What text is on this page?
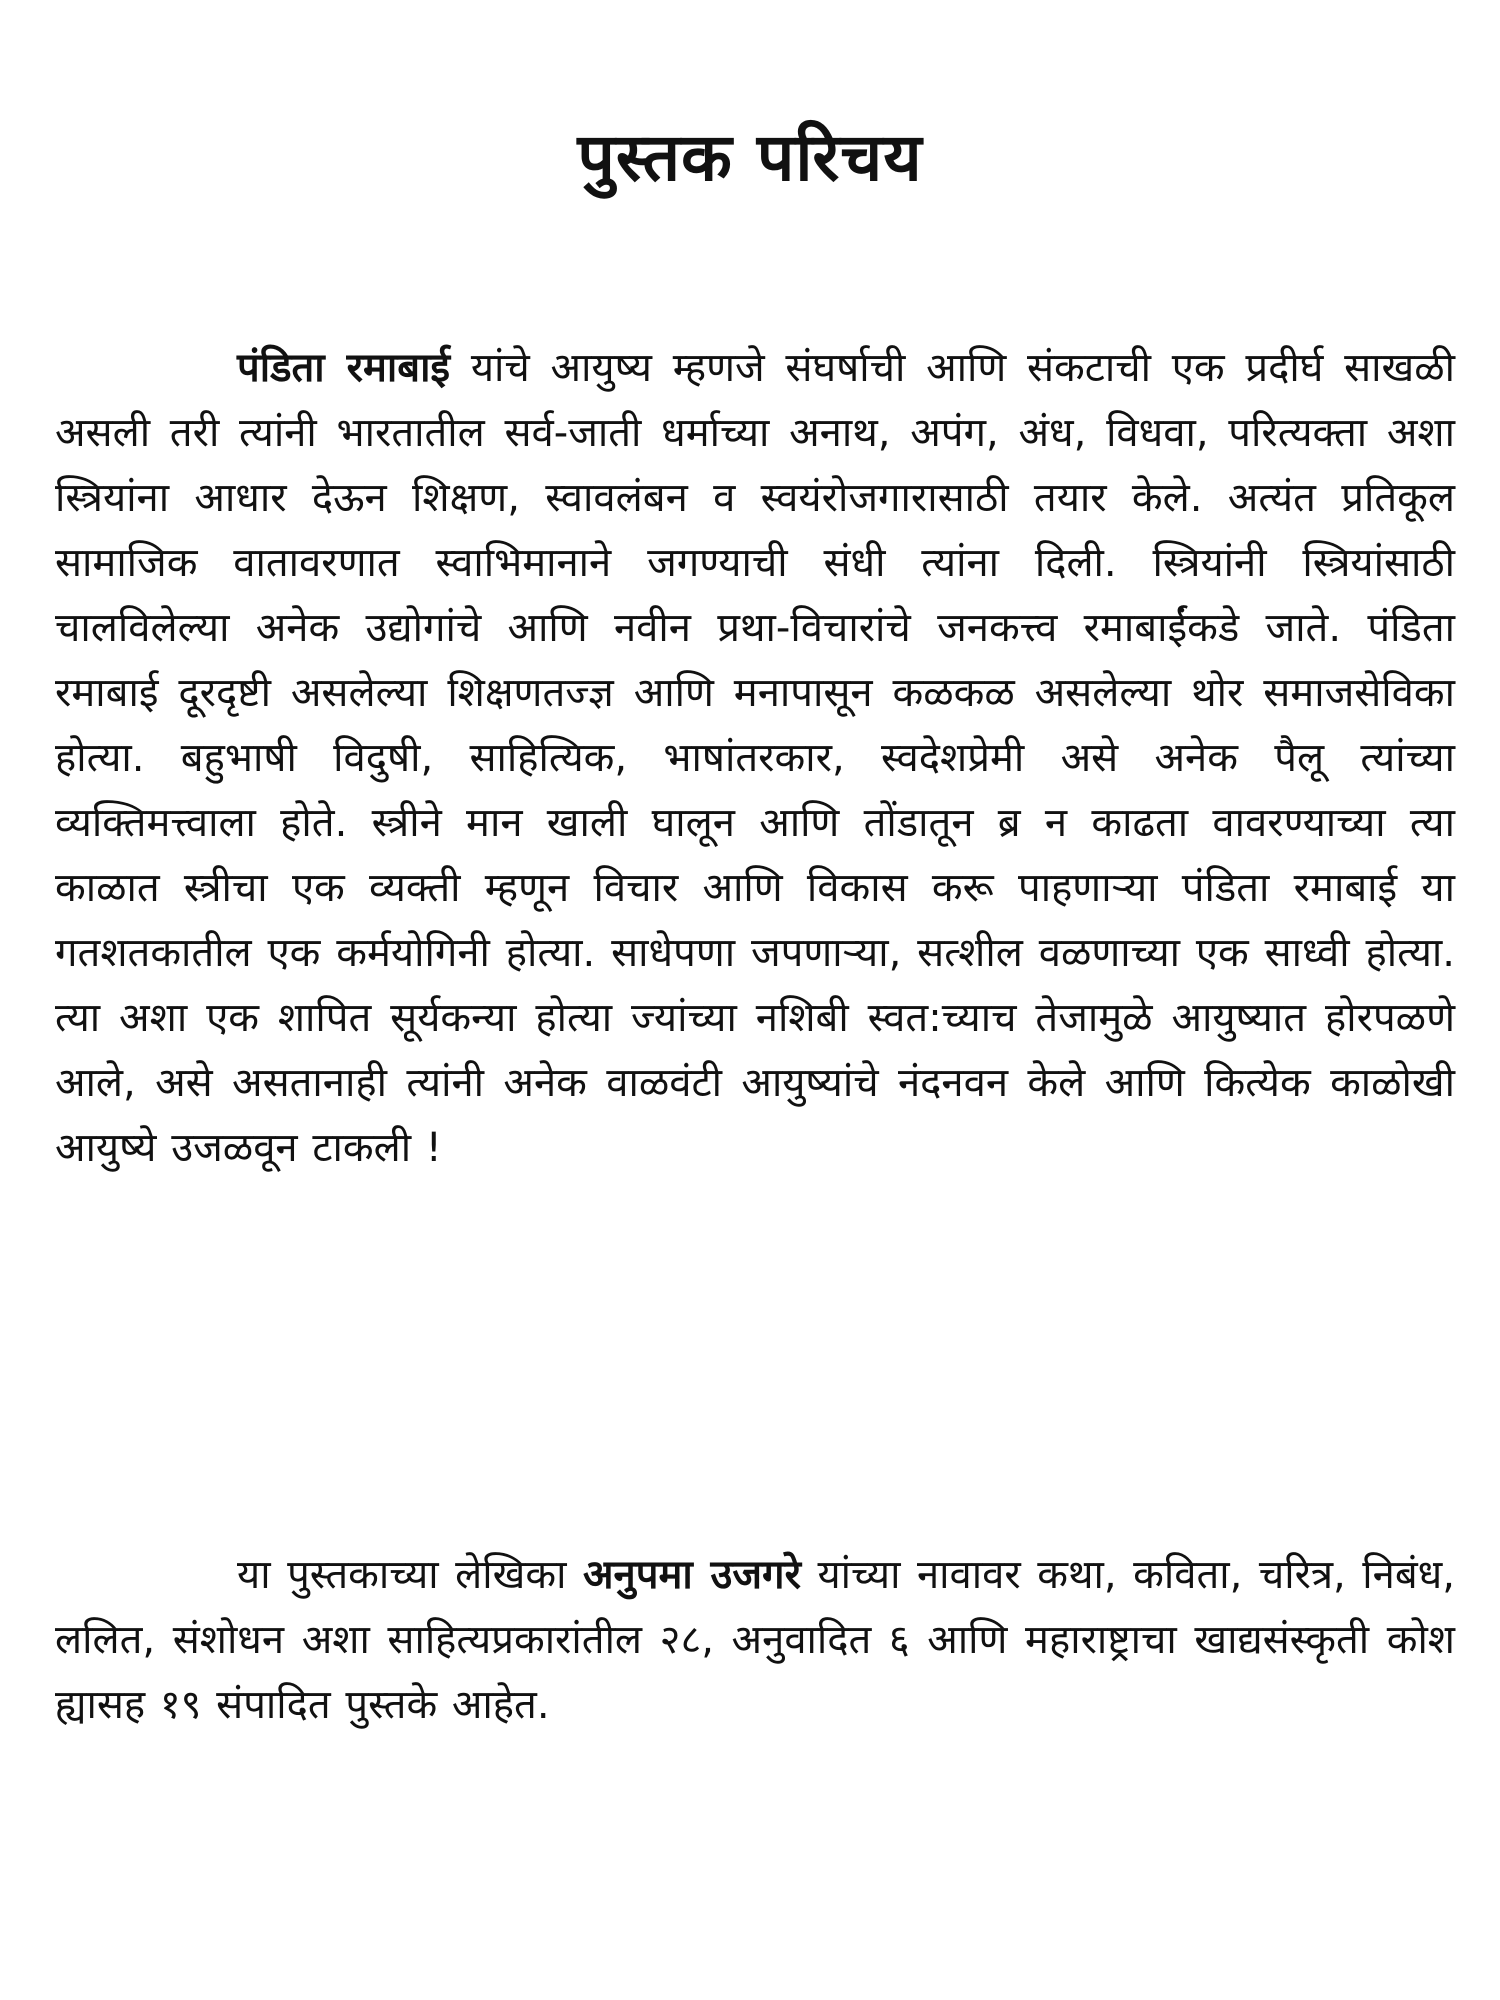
पुस्तक परिचय

पंडिता रमाबाई यांचे आयुष्य म्हणजे संघर्षाची आणि संकटाची एक प्रदीर्घ साखळी असली तरी त्यांनी भारतातील सर्व-जाती धर्माच्या अनाथ, अपंग, अंध, विधवा, परित्यक्ता अशा स्त्रियांना आधार देऊन शिक्षण, स्वावलंबन व स्वयंरोजगारासाठी तयार केले. अत्यंत प्रतिकूल सामाजिक वातावरणात स्वाभिमानाने जगण्याची संधी त्यांना दिली. स्त्रियांनी स्त्रियांसाठी चालविलेल्या अनेक उद्योगांचे आणि नवीन प्रथा-विचारांचे जनकत्त्व रमाबाईंकडे जाते. पंडिता रमाबाई दूरदृष्टी असलेल्या शिक्षणतज्ज्ञ आणि मनापासून कळकळ असलेल्या थोर समाजसेविका होत्या. बहुभाषी विदुषी, साहित्यिक, भाषांतरकार, स्वदेशप्रेमी असे अनेक पैलू त्यांच्या व्यक्तिमत्त्वाला होते. स्त्रीने मान खाली घालून आणि तोंडातून ब्र न काढता वावरण्याच्या त्या काळात स्त्रीचा एक व्यक्ती म्हणून विचार आणि विकास करू पाहणाऱ्या पंडिता रमाबाई या गतशतकातील एक कर्मयोगिनी होत्या. साधेपणा जपणाऱ्या, सत्शील वळणाच्या एक साध्वी होत्या. त्या अशा एक शापित सूर्यकन्या होत्या ज्यांच्या नशिबी स्वत:च्याच तेजामुळे आयुष्यात होरपळणे आले, असे असतानाही त्यांनी अनेक वाळवंटी आयुष्यांचे नंदनवन केले आणि कित्येक काळोखी आयुष्ये उजळवून टाकली !

या पुस्तकाच्या लेखिका अनुपमा उजगरे यांच्या नावावर कथा, कविता, चरित्र, निबंध, ललित, संशोधन अशा साहित्यप्रकारांतील २८, अनुवादित ६ आणि महाराष्ट्राचा खाद्यसंस्कृती कोश ह्यासह १९ संपादित पुस्तके आहेत.
